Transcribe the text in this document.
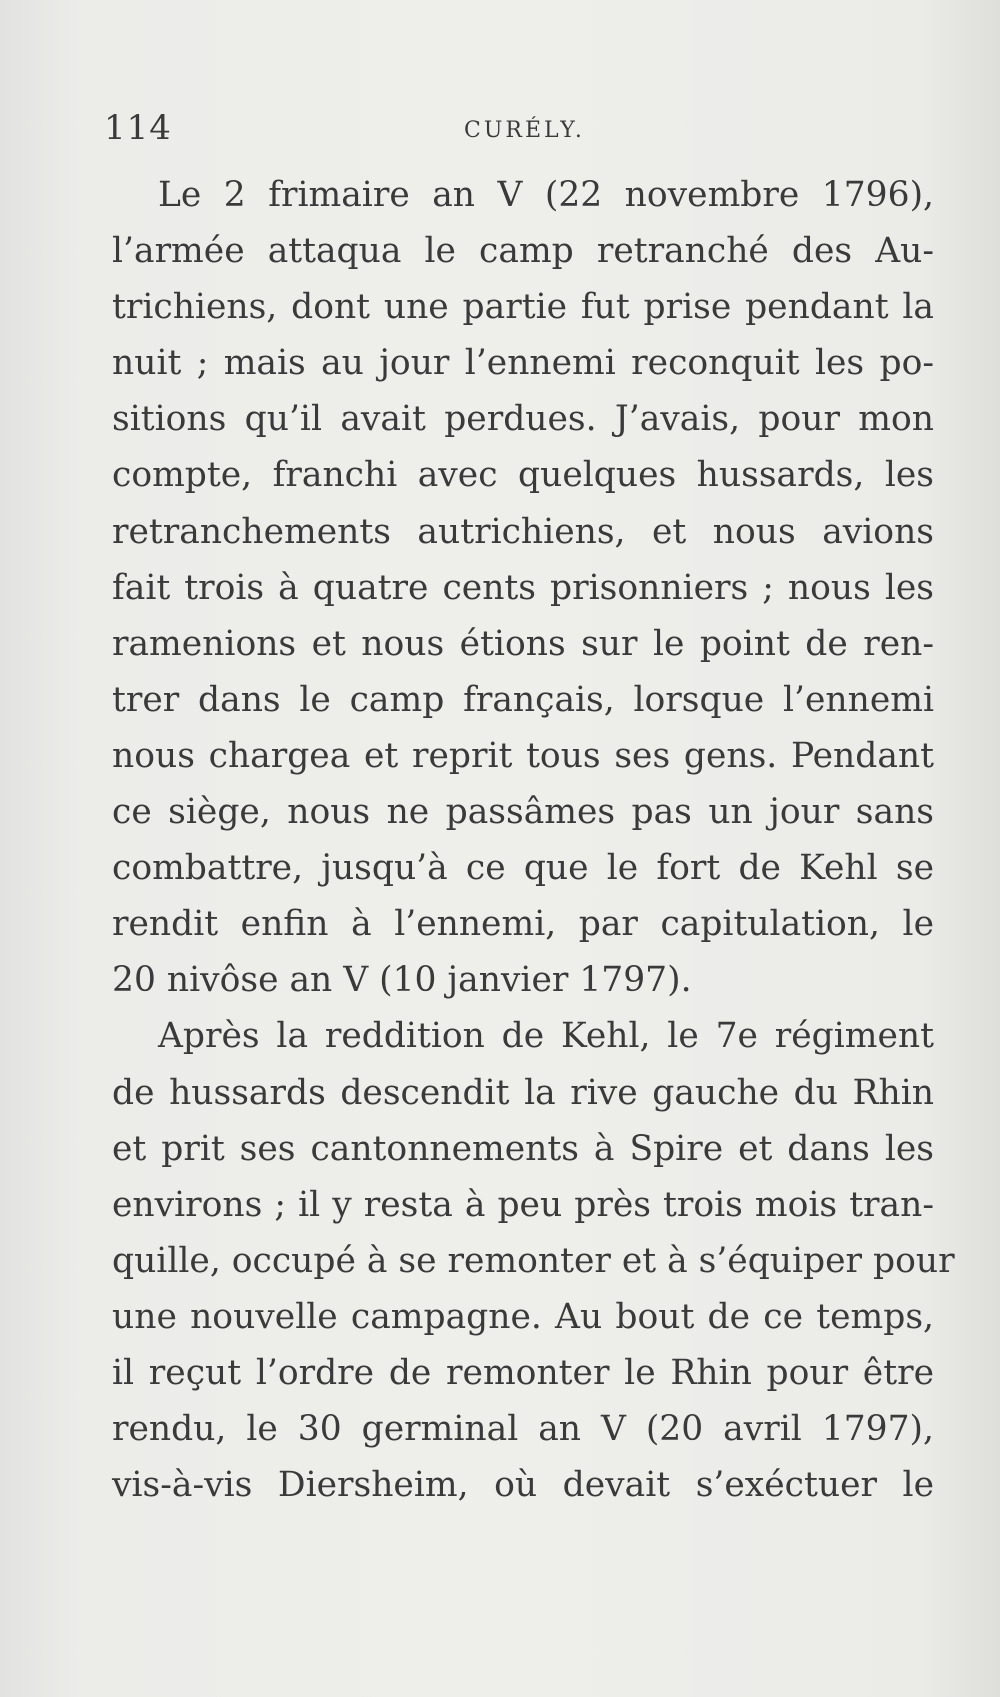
114	CURÉLY.
Le 2 frimaire an V (22 novembre 1796),
l’armée attaqua le camp retranché des Au-
trichiens, dont une partie fut prise pendant la
nuit ; mais au jour l’ennemi reconquit les po-
sitions qu’il avait perdues. J’avais, pour mon
compte, franchi avec quelques hussards, les
retranchements autrichiens, et nous avions
fait trois à quatre cents prisonniers ; nous les
ramenions et nous étions sur le point de ren-
trer dans le camp français, lorsque l’ennemi
nous chargea et reprit tous ses gens. Pendant
ce siège, nous ne passâmes pas un jour sans
combattre, jusqu’à ce que le fort de Kehl se
rendit enfin à l’ennemi, par capitulation, le
20 nivôse an V (10 janvier 1797).
Après la reddition de Kehl, le 7e régiment
de hussards descendit la rive gauche du Rhin
et prit ses cantonnements à Spire et dans les
environs ; il y resta à peu près trois mois tran-
quille, occupé à se remonter et à s’équiper pour
une nouvelle campagne. Au bout de ce temps,
il reçut l’ordre de remonter le Rhin pour être
rendu, le 30 germinal an V (20 avril 1797),
vis-à-vis Diersheim, où devait s’exéctuer le
